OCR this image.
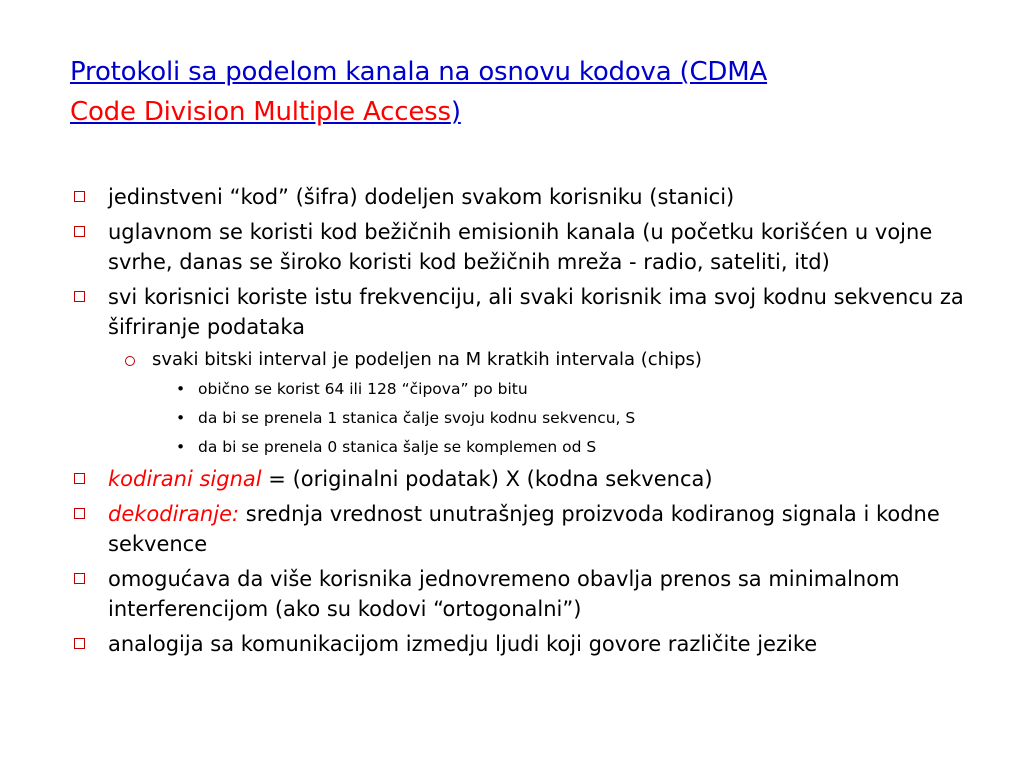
Protokoli sa podelom kanala na osnovu kodova (CDMA
Code Division Multiple Access)
jedinstveni “kod” (šifra) dodeljen svakom korisniku (stanici)
uglavnom se koristi kod bežičnih emisionih kanala (u početku korišćen u vojne svrhe, danas se široko koristi kod bežičnih mreža - radio, sateliti, itd)
svi korisnici koriste istu frekvenciju, ali svaki korisnik ima svoj kodnu sekvencu za šifriranje podataka
svaki bitski interval je podeljen na M kratkih intervala (chips)
• obično se korist 64 ili 128 “čipova” po bitu
• da bi se prenela 1 stanica čalje svoju kodnu sekvencu, S
• da bi se prenela 0 stanica šalje se komplemen od S
kodirani signal = (originalni podatak) X (kodna sekvenca)
dekodiranje: srednja vrednost unutrašnjeg proizvoda kodiranog signala i kodne sekvence
omogućava da više korisnika jednovremeno obavlja prenos sa minimalnom interferencijom (ako su kodovi “ortogonalni”)
analogija sa komunikacijom izmedju ljudi koji govore različite jezike
